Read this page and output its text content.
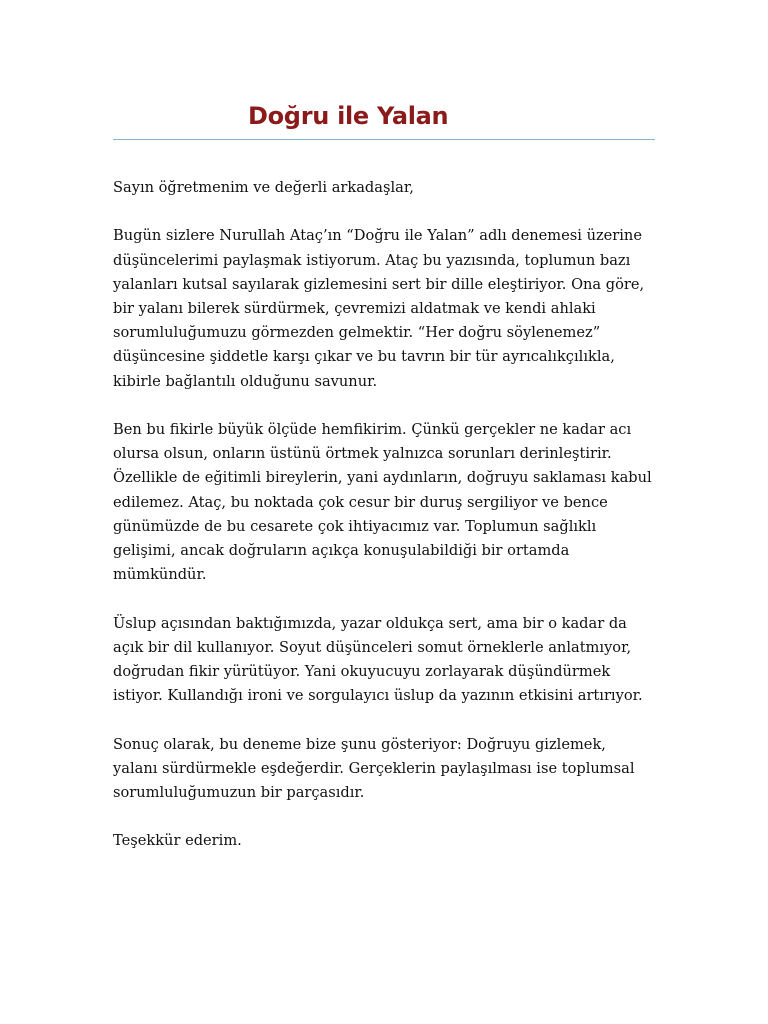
Doğru ile Yalan

Sayın öğretmenim ve değerli arkadaşlar,

Bugün sizlere Nurullah Ataç’ın “Doğru ile Yalan” adlı denemesi üzerine
düşüncelerimi paylaşmak istiyorum. Ataç bu yazısında, toplumun bazı
yalanları kutsal sayılarak gizlemesini sert bir dille eleştiriyor. Ona göre,
bir yalanı bilerek sürdürmek, çevremizi aldatmak ve kendi ahlaki
sorumluluğumuzu görmezden gelmektir. “Her doğru söylenemez”
düşüncesine şiddetle karşı çıkar ve bu tavrın bir tür ayrıcalıkçılıkla,
kibirle bağlantılı olduğunu savunur.

Ben bu fikirle büyük ölçüde hemfikirim. Çünkü gerçekler ne kadar acı
olursa olsun, onların üstünü örtmek yalnızca sorunları derinleştirir.
Özellikle de eğitimli bireylerin, yani aydınların, doğruyu saklaması kabul
edilemez. Ataç, bu noktada çok cesur bir duruş sergiliyor ve bence
günümüzde de bu cesarete çok ihtiyacımız var. Toplumun sağlıklı
gelişimi, ancak doğruların açıkça konuşulabildiği bir ortamda
mümkündür.

Üslup açısından baktığımızda, yazar oldukça sert, ama bir o kadar da
açık bir dil kullanıyor. Soyut düşünceleri somut örneklerle anlatmıyor,
doğrudan fikir yürütüyor. Yani okuyucuyu zorlayarak düşündürmek
istiyor. Kullandığı ironi ve sorgulayıcı üslup da yazının etkisini artırıyor.

Sonuç olarak, bu deneme bize şunu gösteriyor: Doğruyu gizlemek,
yalanı sürdürmekle eşdeğerdir. Gerçeklerin paylaşılması ise toplumsal
sorumluluğumuzun bir parçasıdır.

Teşekkür ederim.
